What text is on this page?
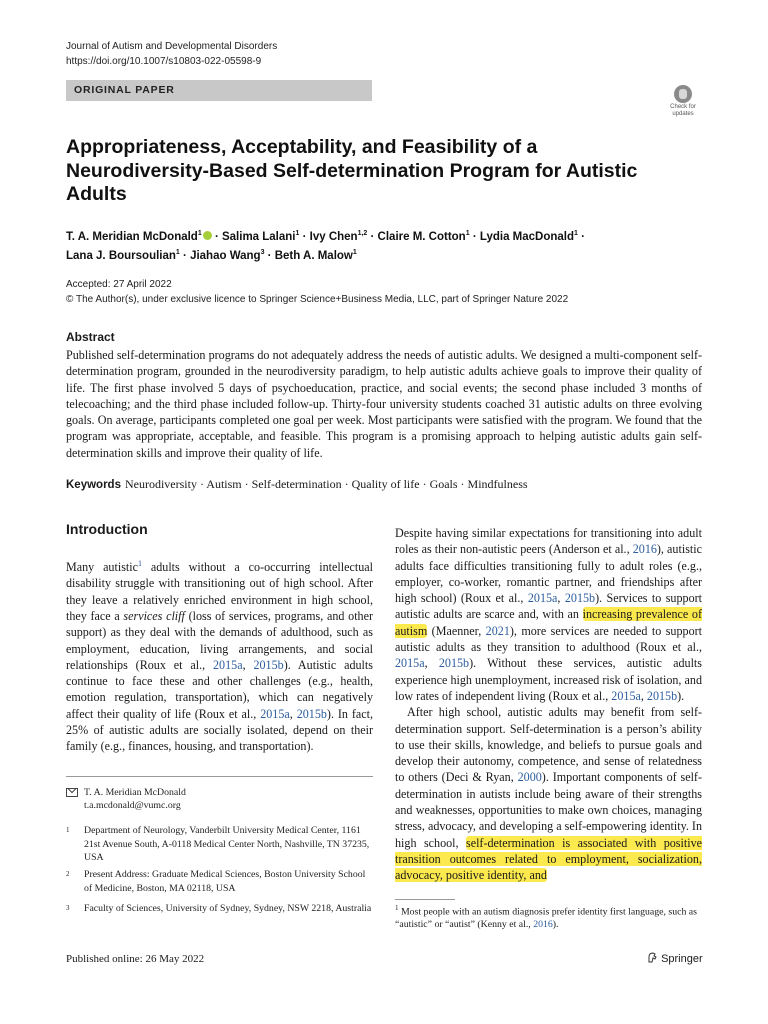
Journal of Autism and Developmental Disorders
https://doi.org/10.1007/s10803-022-05598-9
ORIGINAL PAPER
Check for updates
Appropriateness, Acceptability, and Feasibility of a Neurodiversity-Based Self-determination Program for Autistic Adults
T. A. Meridian McDonald$^1$ · Salima Lalani$^1$ · Ivy Chen$^{1,2}$ · Claire M. Cotton$^1$ · Lydia MacDonald$^1$ ·
Lana J. Boursoulian$^1$ · Jiahao Wang$^3$ · Beth A. Malow$^1$
Accepted: 27 April 2022
© The Author(s), under exclusive licence to Springer Science+Business Media, LLC, part of Springer Nature 2022
Abstract
Published self-determination programs do not adequately address the needs of autistic adults. We designed a multi-component self-determination program, grounded in the neurodiversity paradigm, to help autistic adults achieve goals to improve their quality of life. The first phase involved 5 days of psychoeducation, practice, and social events; the second phase included 3 months of telecoaching; and the third phase included follow-up. Thirty-four university students coached 31 autistic adults on three evolving goals. On average, participants completed one goal per week. Most participants were satisfied with the program. We found that the program was appropriate, acceptable, and feasible. This program is a promising approach to helping autistic adults gain self-determination skills and improve their quality of life.
Keywords Neurodiversity · Autism · Self-determination · Quality of life · Goals · Mindfulness
Introduction

Many autistic$^1$ adults without a co-occurring intellectual disability struggle with transitioning out of high school. After they leave a relatively enriched environment in high school, they face a services cliff (loss of services, programs, and other support) as they deal with the demands of adulthood, such as employment, education, living arrangements, and social relationships (Roux et al., 2015a, 2015b). Autistic adults continue to face these and other challenges (e.g., health, emotion regulation, transportation), which can negatively affect their quality of life (Roux et al., 2015a, 2015b). In fact, 25% of autistic adults are socially isolated, depend on their family (e.g., finances, housing, and transportation).

Despite having similar expectations for transitioning into adult roles as their non-autistic peers (Anderson et al., 2016), autistic adults face difficulties transitioning fully to adult roles (e.g., employer, co-worker, romantic partner, and friendships after high school) (Roux et al., 2015a, 2015b). Services to support autistic adults are scarce and, with an increasing prevalence of autism (Maenner, 2021), more services are needed to support autistic adults as they transition to adulthood (Roux et al., 2015a, 2015b). Without these services, autistic adults experience high unemployment, increased risk of isolation, and low rates of independent living (Roux et al., 2015a, 2015b).

After high school, autistic adults may benefit from self-determination support. Self-determination is a person’s ability to use their skills, knowledge, and beliefs to pursue goals and develop their autonomy, competence, and sense of relatedness to others (Deci & Ryan, 2000). Important components of self-determination in autists include being aware of their strengths and weaknesses, opportunities to make own choices, managing stress, advocacy, and developing a self-empowering identity. In high school, self-determination is associated with positive transition outcomes related to employment, socialization, advocacy, positive identity, and

T. A. Meridian McDonald
t.a.mcdonald@vumc.org
1 Department of Neurology, Vanderbilt University Medical Center, 1161 21st Avenue South, A-0118 Medical Center North, Nashville, TN 37235, USA
2 Present Address: Graduate Medical Sciences, Boston University School of Medicine, Boston, MA 02118, USA
3 Faculty of Sciences, University of Sydney, Sydney, NSW 2218, Australia	$^1$ Most people with an autism diagnosis prefer identity first language, such as “autistic” or “autist” (Kenny et al., 2016).
Published online: 26 May 2022	Springer
